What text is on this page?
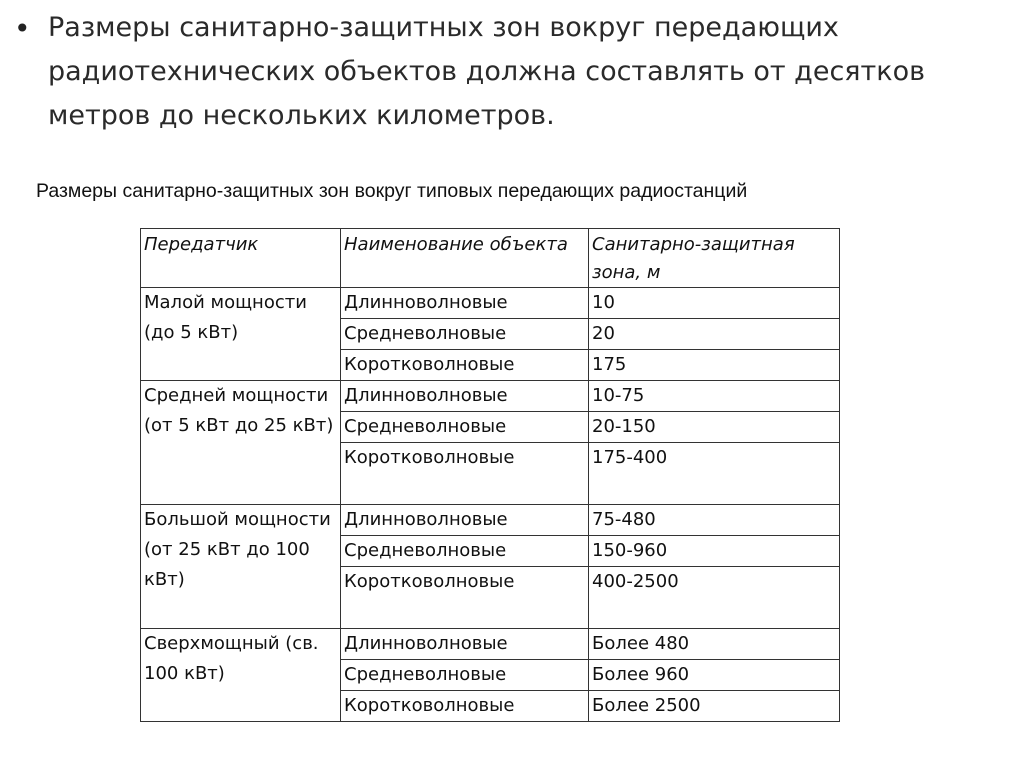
• Размеры санитарно-защитных зон вокруг передающих радиотехнических объектов должна составлять от десятков метров до нескольких километров.
Размеры санитарно-защитных зон вокруг типовых передающих радиостанций
Передатчик	Наименование объекта	Санитарно-защитная зона, м
Малой мощности (до 5 кВт)	Длинноволновые	10
	Средневолновые	20
	Коротковолновые	175
Средней мощности (от 5 кВт до 25 кВт)	Длинноволновые	10-75
	Средневолновые	20-150
	Коротковолновые	175-400
Большой мощности (от 25 кВт до 100 кВт)	Длинноволновые	75-480
	Средневолновые	150-960
	Коротковолновые	400-2500
Сверхмощный (св. 100 кВт)	Длинноволновые	Более 480
	Средневолновые	Более 960
	Коротковолновые	Более 2500
